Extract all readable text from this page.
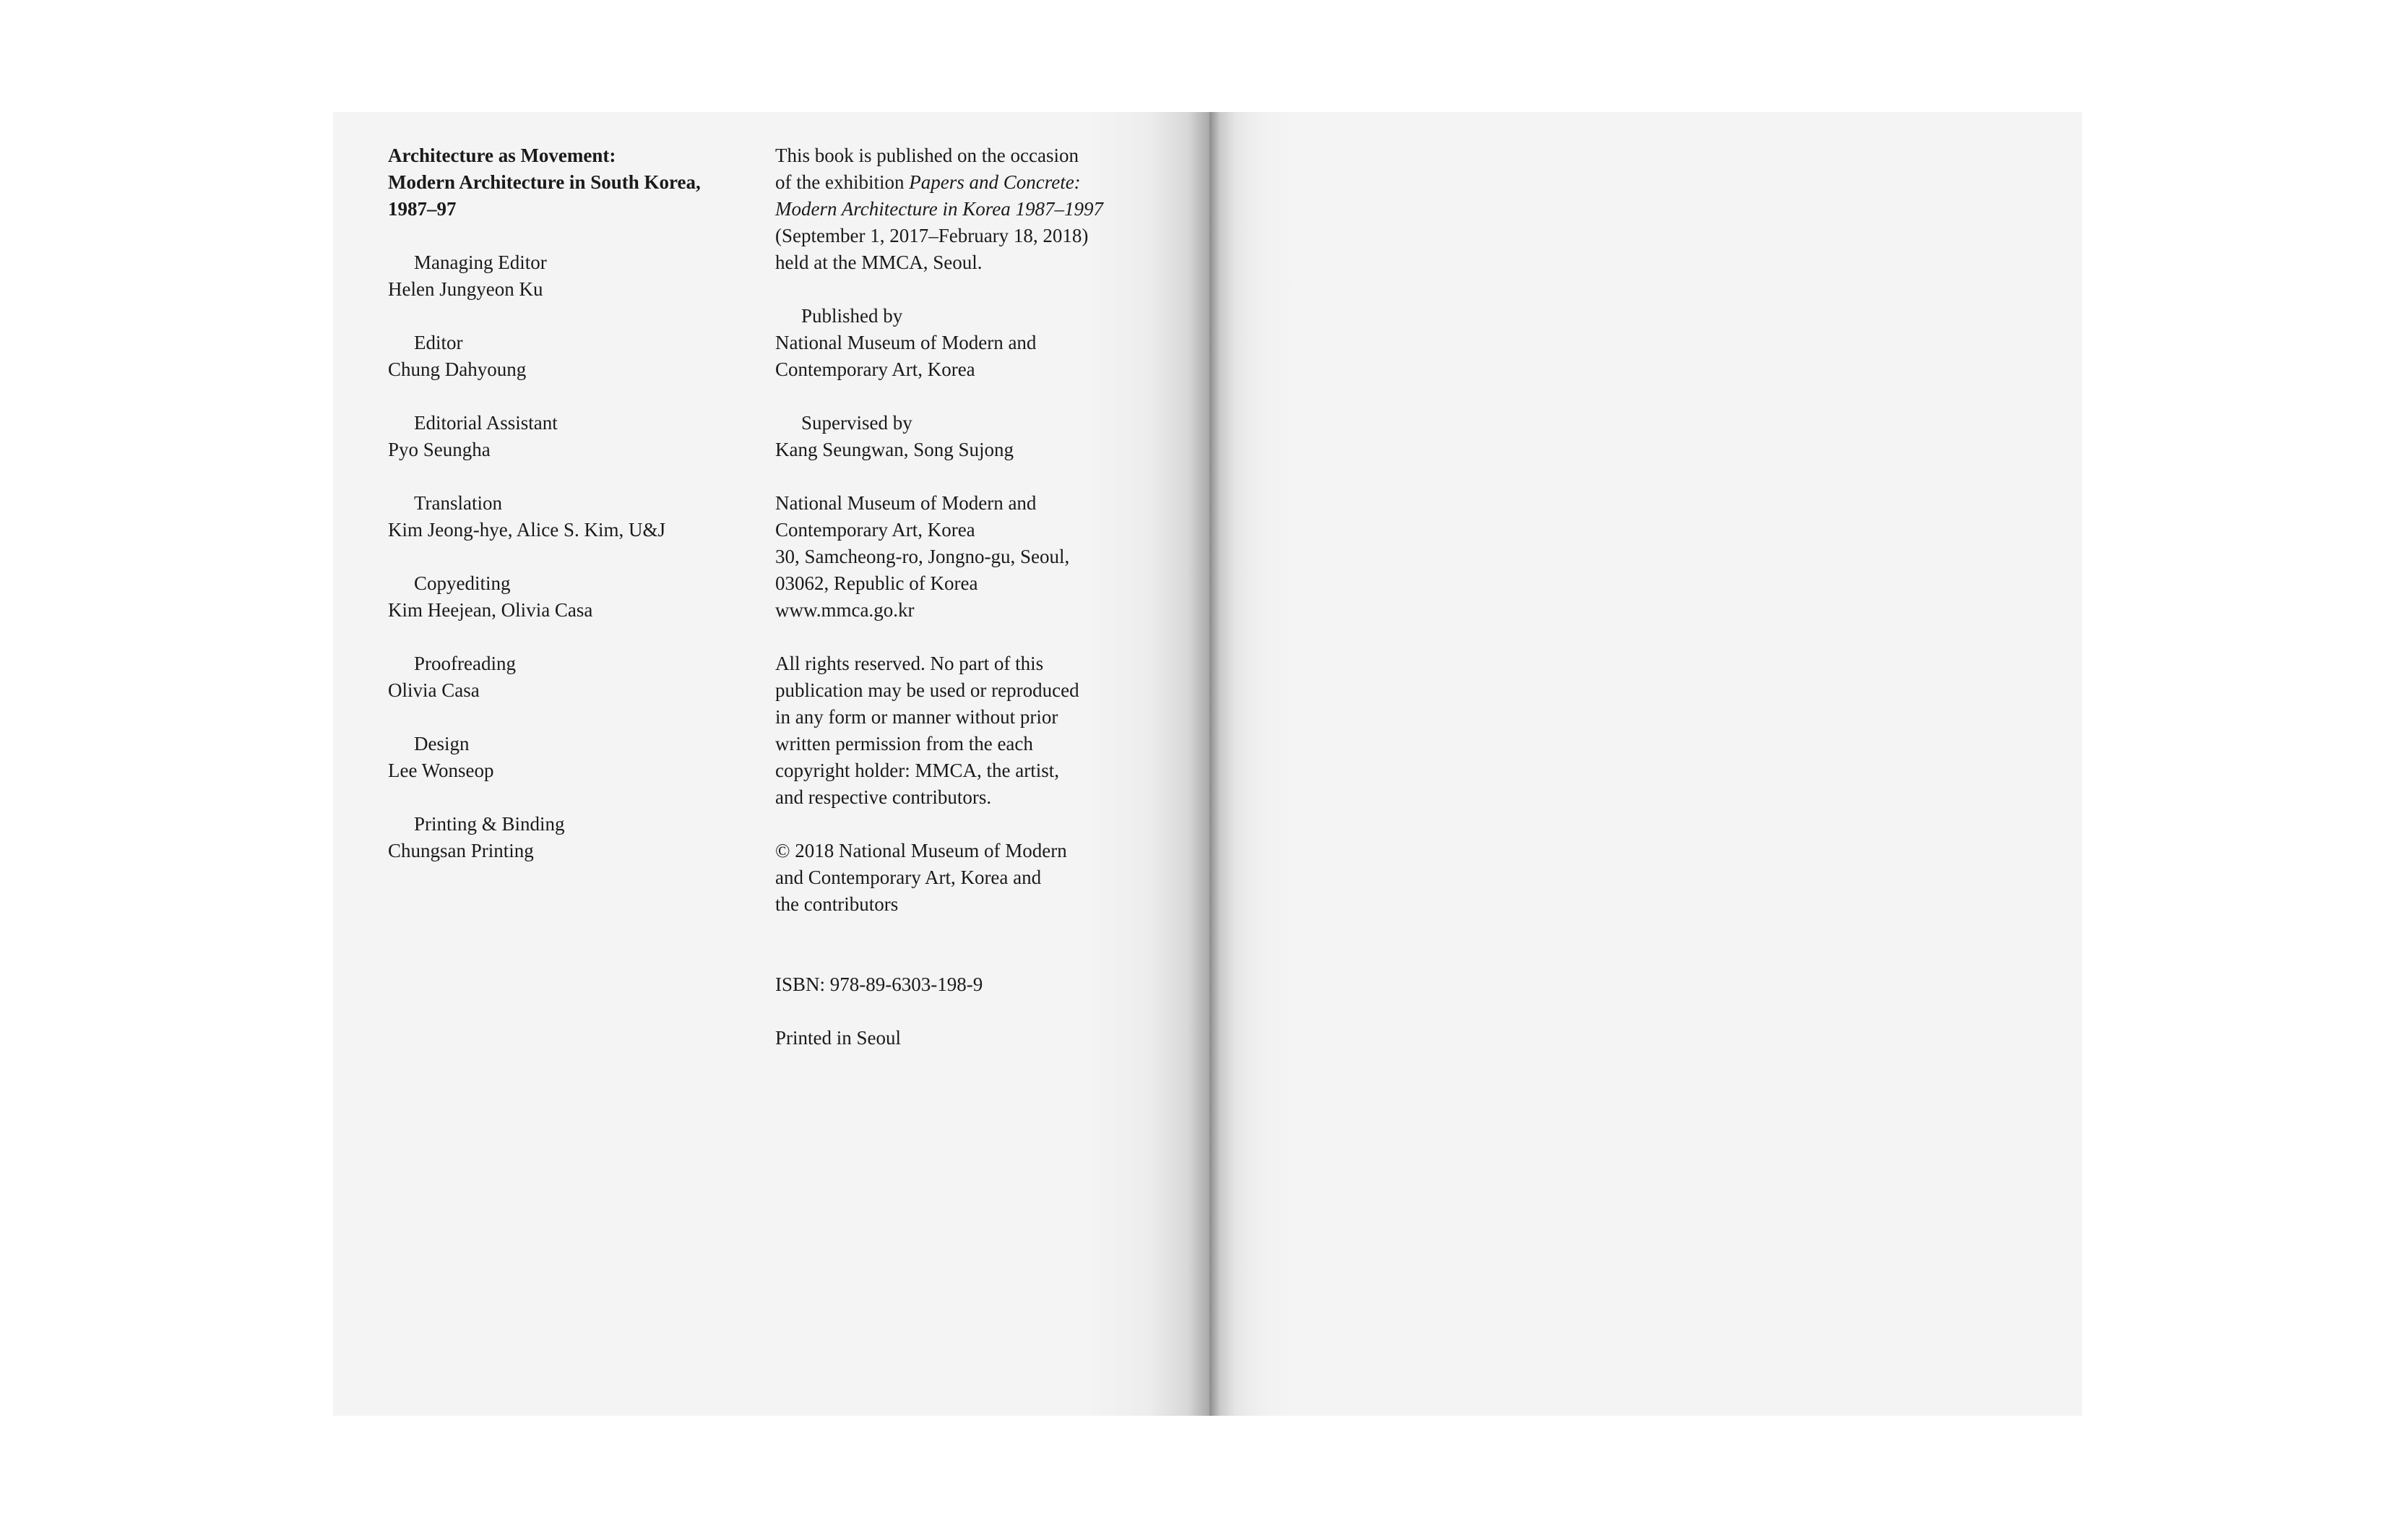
Architecture as Movement:
Modern Architecture in South Korea,
1987–97
Managing Editor
Helen Jungyeon Ku
Editor
Chung Dahyoung
Editorial Assistant
Pyo Seungha
Translation
Kim Jeong-hye, Alice S. Kim, U&J
Copyediting
Kim Heejean, Olivia Casa
Proofreading
Olivia Casa
Design
Lee Wonseop
Printing & Binding
Chungsan Printing
This book is published on the occasion
of the exhibition Papers and Concrete:
Modern Architecture in Korea 1987–1997
(September 1, 2017–February 18, 2018)
held at the MMCA, Seoul.
Published by
National Museum of Modern and
Contemporary Art, Korea
Supervised by
Kang Seungwan, Song Sujong
National Museum of Modern and
Contemporary Art, Korea
30, Samcheong-ro, Jongno-gu, Seoul,
03062, Republic of Korea
www.mmca.go.kr
All rights reserved. No part of this
publication may be used or reproduced
in any form or manner without prior
written permission from the each
copyright holder: MMCA, the artist,
and respective contributors.
© 2018 National Museum of Modern
and Contemporary Art, Korea and
the contributors
ISBN: 978-89-6303-198-9
Printed in Seoul
